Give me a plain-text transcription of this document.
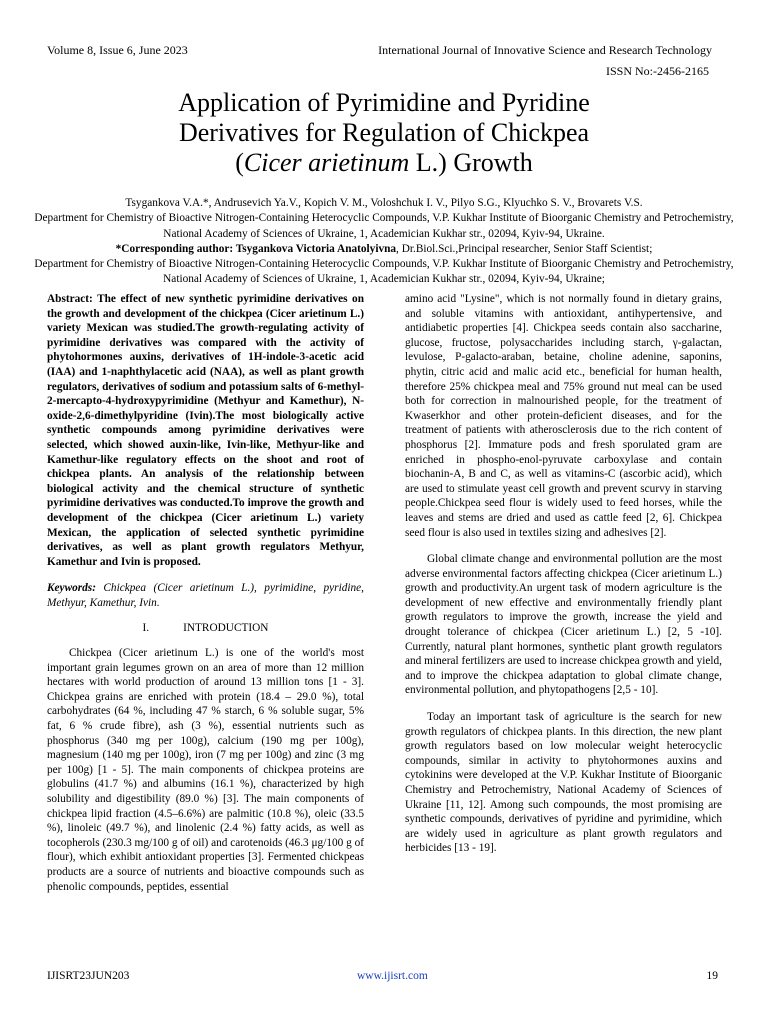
Volume 8, Issue 6, June 2023	International Journal of Innovative Science and Research Technology
ISSN No:-2456-2165
Application of Pyrimidine and Pyridine
Derivatives for Regulation of Chickpea
(Cicer arietinum L.) Growth
Tsygankova V.A.*, Andrusevich Ya.V., Kopich V. M., Voloshchuk I. V., Pilyo S.G., Klyuchko S. V., Brovarets V.S.
Department for Chemistry of Bioactive Nitrogen-Containing Heterocyclic Compounds, V.P. Kukhar Institute of Bioorganic Chemistry and Petrochemistry, National Academy of Sciences of Ukraine, 1, Academician Kukhar str., 02094, Kyiv-94, Ukraine.
*Corresponding author: Tsygankova Victoria Anatolyivna, Dr.Biol.Sci.,Principal researcher, Senior Staff Scientist;
Department for Chemistry of Bioactive Nitrogen-Containing Heterocyclic Compounds, V.P. Kukhar Institute of Bioorganic Chemistry and Petrochemistry, National Academy of Sciences of Ukraine, 1, Academician Kukhar str., 02094, Kyiv-94, Ukraine;

Abstract: The effect of new synthetic pyrimidine derivatives on the growth and development of the chickpea (Cicer arietinum L.) variety Mexican was studied.The growth-regulating activity of pyrimidine derivatives was compared with the activity of phytohormones auxins, derivatives of 1H-indole-3-acetic acid (IAA) and 1-naphthylacetic acid (NAA), as well as plant growth regulators, derivatives of sodium and potassium salts of 6-methyl-2-mercapto-4-hydroxypyrimidine (Methyur and Kamethur), N-oxide-2,6-dimethylpyridine (Ivin).The most biologically active synthetic compounds among pyrimidine derivatives were selected, which showed auxin-like, Ivin-like, Methyur-like and Kamethur-like regulatory effects on the shoot and root of chickpea plants. An analysis of the relationship between biological activity and the chemical structure of synthetic pyrimidine derivatives was conducted.To improve the growth and development of the chickpea (Cicer arietinum L.) variety Mexican, the application of selected synthetic pyrimidine derivatives, as well as plant growth regulators Methyur, Kamethur and Ivin is proposed.

Keywords: Chickpea (Cicer arietinum L.), pyrimidine, pyridine, Methyur, Kamethur, Ivin.

I.	INTRODUCTION

Chickpea (Cicer arietinum L.) is one of the world's most important grain legumes grown on an area of more than 12 million hectares with world production of around 13 million tons [1 - 3]. Chickpea grains are enriched with protein (18.4 – 29.0 %), total carbohydrates (64 %, including 47 % starch, 6 % soluble sugar, 5% fat, 6 % crude fibre), ash (3 %), essential nutrients such as phosphorus (340 mg per 100g), calcium (190 mg per 100g), magnesium (140 mg per 100g), iron (7 mg per 100g) and zinc (3 mg per 100g) [1 - 5]. The main components of chickpea proteins are globulins (41.7 %) and albumins (16.1 %), characterized by high solubility and digestibility (89.0 %) [3]. The main components of chickpea lipid fraction (4.5–6.6%) are palmitic (10.8 %), oleic (33.5 %), linoleic (49.7 %), and linolenic (2.4 %) fatty acids, as well as tocopherols (230.3 mg/100 g of oil) and carotenoids (46.3 μg/100 g of flour), which exhibit antioxidant properties [3]. Fermented chickpeas products are a source of nutrients and bioactive compounds such as phenolic compounds, peptides, essential

amino acid "Lysine", which is not normally found in dietary grains, and soluble vitamins with antioxidant, antihypertensive, and antidiabetic properties [4]. Chickpea seeds contain also saccharine, glucose, fructose, polysaccharides including starch, γ-galactan, levulose, P-galacto-araban, betaine, choline adenine, saponins, phytin, citric acid and malic acid etc., beneficial for human health, therefore 25% chickpea meal and 75% ground nut meal can be used both for correction in malnourished people, for the treatment of Kwaserkhor and other protein-deficient diseases, and for the treatment of patients with atherosclerosis due to the rich content of phosphorus [2]. Immature pods and fresh sporulated gram are enriched in phospho-enol-pyruvate carboxylase and contain biochanin-A, B and C, as well as vitamins-C (ascorbic acid), which are used to stimulate yeast cell growth and prevent scurvy in starving people.Chickpea seed flour is widely used to feed horses, while the leaves and stems are dried and used as cattle feed [2, 6]. Chickpea seed flour is also used in textiles sizing and adhesives [2].

Global climate change and environmental pollution are the most adverse environmental factors affecting chickpea (Cicer arietinum L.) growth and productivity.An urgent task of modern agriculture is the development of new effective and environmentally friendly plant growth regulators to improve the growth, increase the yield and drought tolerance of chickpea (Cicer arietinum L.) [2, 5 -10]. Currently, natural plant hormones, synthetic plant growth regulators and mineral fertilizers are used to increase chickpea growth and yield, and to improve the chickpea adaptation to global climate change, environmental pollution, and phytopathogens [2,5 - 10].

Today an important task of agriculture is the search for new growth regulators of chickpea plants. In this direction, the new plant growth regulators based on low molecular weight heterocyclic compounds, similar in activity to phytohormones auxins and cytokinins were developed at the V.P. Kukhar Institute of Bioorganic Chemistry and Petrochemistry, National Academy of Sciences of Ukraine [11, 12]. Among such compounds, the most promising are synthetic compounds, derivatives of pyridine and pyrimidine, which are widely used in agriculture as plant growth regulators and herbicides [13 - 19].

IJISRT23JUN203	www.ijisrt.com	19
